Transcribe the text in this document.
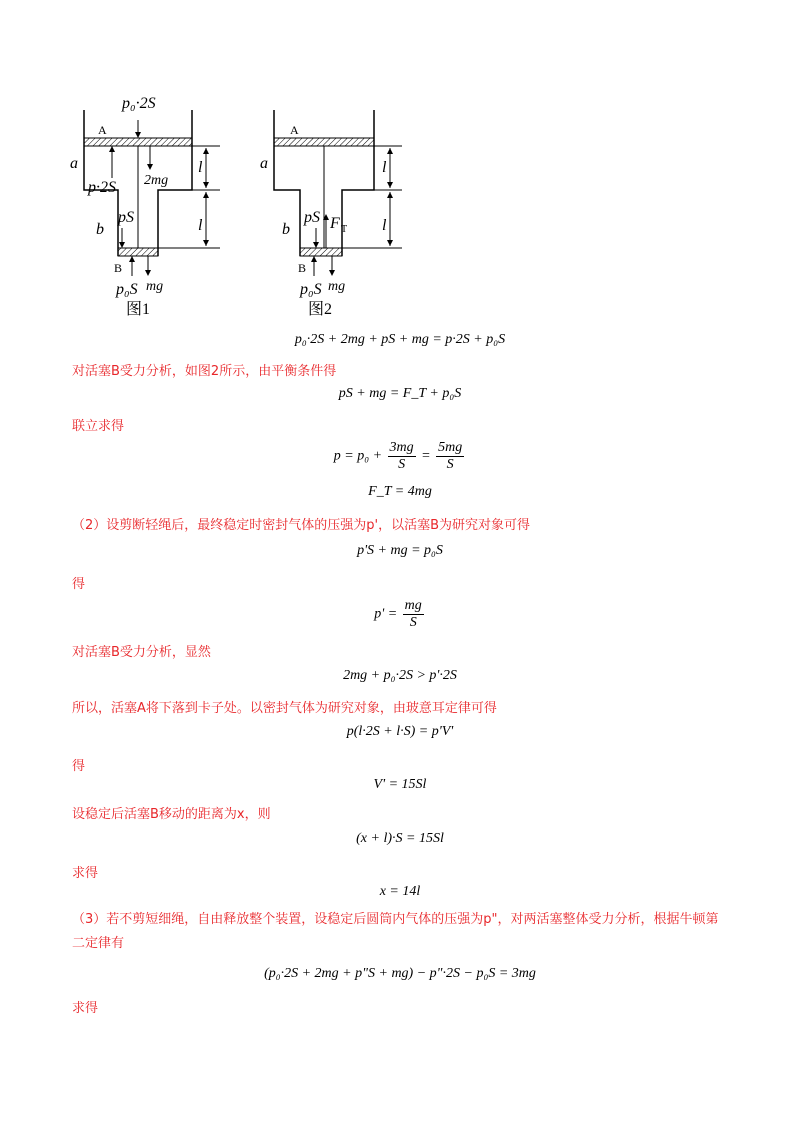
p₀·2S
A
a
p·2S 2mg
l
pS
b	l
B
p₀S mg
图1
A
a	l
pS F T
b	l
B
p₀S mg
图2
p₀·2S + 2mg + pS + mg = p·2S + p₀S
对活塞B受力分析，如图2所示，由平衡条件得
pS + mg = F_T + p₀S
联立求得
$p = p_0 + \frac{3mg}{S} = \frac{5mg}{S}$
F_T = 4mg
（2）设剪断轻绳后，最终稳定时密封气体的压强为p'，以活塞B为研究对象可得
p'S + mg = p₀S
得
$p' = \frac{mg}{S}$
对活塞B受力分析，显然
2mg + p₀·2S > p'·2S
所以，活塞A将下落到卡子处。以密封气体为研究对象，由玻意耳定律可得
p(l·2S + l·S) = p'V'
得
V' = 15Sl
设稳定后活塞B移动的距离为x，则
(x + l)·S = 15Sl
求得
x = 14l
（3）若不剪短细绳，自由释放整个装置，设稳定后圆筒内气体的压强为p"，对两活塞整体受力分析，根据牛顿第二定律有
(p₀·2S + 2mg + p"S + mg) − p"·2S − p₀S = 3mg
求得
